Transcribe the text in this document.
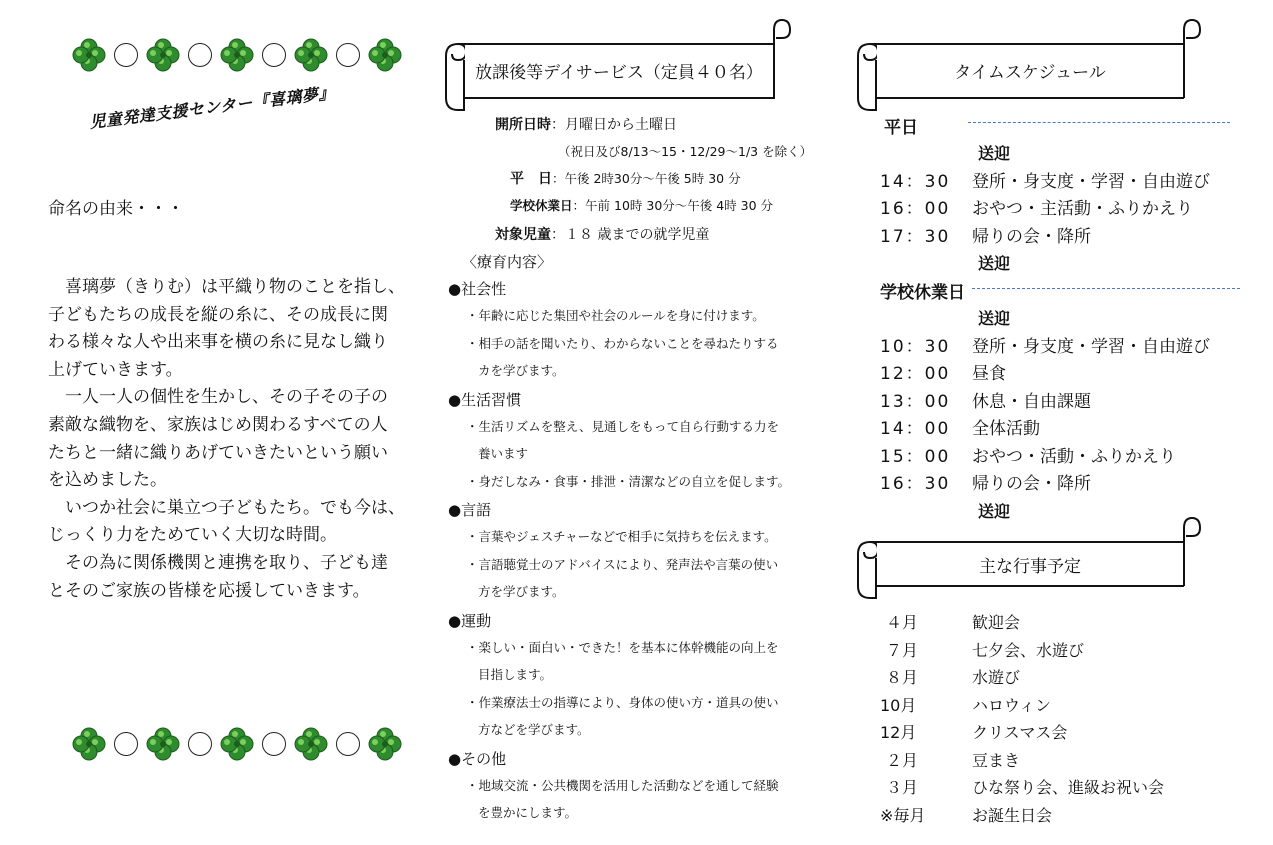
児童発達支援センター『喜璃夢』
命名の由来・・・

　喜璃夢（きりむ）は平織り物のことを指し、

子どもたちの成長を縦の糸に、その成長に関

わる様々な人や出来事を横の糸に見なし織り

上げていきます。

　一人一人の個性を生かし、その子その子の

素敵な織物を、家族はじめ関わるすべての人

たちと一緒に織りあげていきたいという願い

を込めました。

　いつか社会に巣立つ子どもたち。でも今は、

じっくり力をためていく大切な時間。

　その為に関係機関と連携を取り、子ども達

とそのご家族の皆様を応援していきます。

放課後等デイサービス（定員４０名）
開所日時：月曜日から土曜日
（祝日及び8/13～15・12/29～1/3 を除く）
平　日：午後 2時30分～午後 5時 30 分
学校休業日：午前 10時 30分～午後 4時 30 分
対象児童：１８ 歳までの就学児童
〈療育内容〉
●社会性
・年齢に応じた集団や社会のルールを身に付けます。
・相手の話を聞いたり、わからないことを尋ねたりする
カを学びます。
●生活習慣
・生活リズムを整え、見通しをもって自ら行動する力を
養います
・身だしなみ・食事・排泄・清潔などの自立を促します。
●言語
・言葉やジェスチャーなどで相手に気持ちを伝えます。
・言語聴覚士のアドバイスにより、発声法や言葉の使い
方を学びます。
●運動
・楽しい・面白い・できた！を基本に体幹機能の向上を
目指します。
・作業療法士の指導により、身体の使い方・道具の使い
方などを学びます。
●その他
・地域交流・公共機関を活用した活動などを通して経験
を豊かにします。
タイムスケジュール
平日
送迎
14：30 登所・身支度・学習・自由遊び
16：00 おやつ・主活動・ふりかえり
17：30 帰りの会・降所
送迎
学校休業日
送迎
10：30 登所・身支度・学習・自由遊び
12：00 昼食
13：00 休息・自由課題
14：00 全体活動
15：00 おやつ・活動・ふりかえり
16：30 帰りの会・降所
送迎
主な行事予定
４月	歓迎会
７月	七夕会、水遊び
８月	水遊び
10月	ハロウィン
12月	クリスマス会
２月	豆まき
３月	ひな祭り会、進級お祝い会
※毎月	お誕生日会
